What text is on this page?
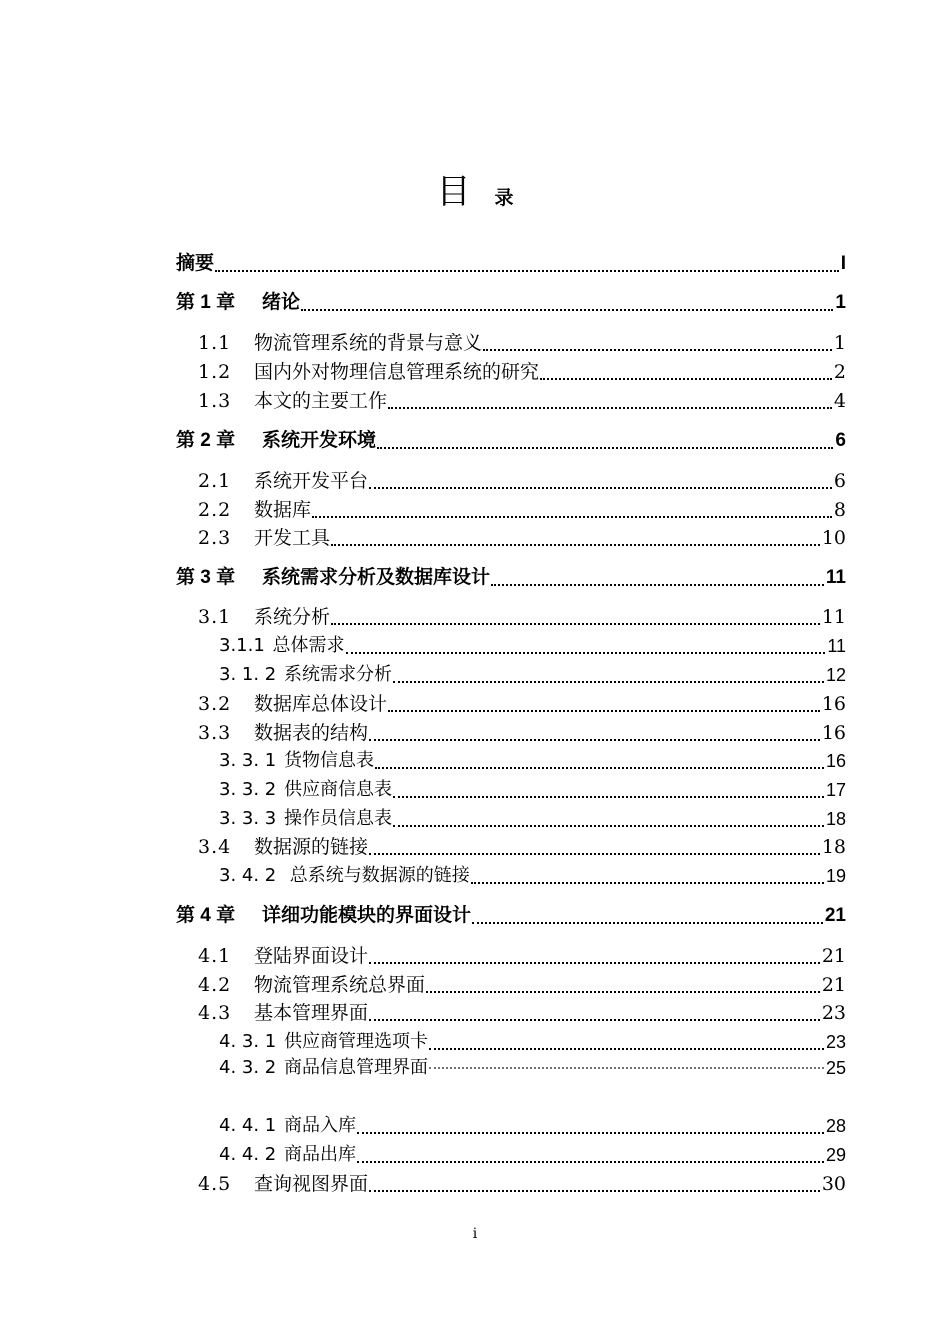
目 录
摘要	I
第 1 章 绪论	1
1.1 物流管理系统的背景与意义	1
1.2 国内外对物理信息管理系统的研究	2
1.3 本文的主要工作	4
第 2 章 系统开发环境	6
2.1 系统开发平台	6
2.2 数据库	8
2.3 开发工具	10
第 3 章 系统需求分析及数据库设计	11
3.1 系统分析	11
3.1.1 总体需求	11
3. 1. 2 系统需求分析	12
3.2 数据库总体设计	16
3.3 数据表的结构	16
3. 3. 1 货物信息表	16
3. 3. 2 供应商信息表	17
3. 3. 3 操作员信息表	18
3.4 数据源的链接	18
3. 4. 2 总系统与数据源的链接	19
第 4 章 详细功能模块的界面设计	21
4.1 登陆界面设计	21
4.2 物流管理系统总界面	21
4.3 基本管理界面	23
4. 3. 1 供应商管理选项卡	23
4. 3. 2 商品信息管理界面	25
4. 4. 1 商品入库	28
4. 4. 2 商品出库	29
4.5 查询视图界面	30
i
